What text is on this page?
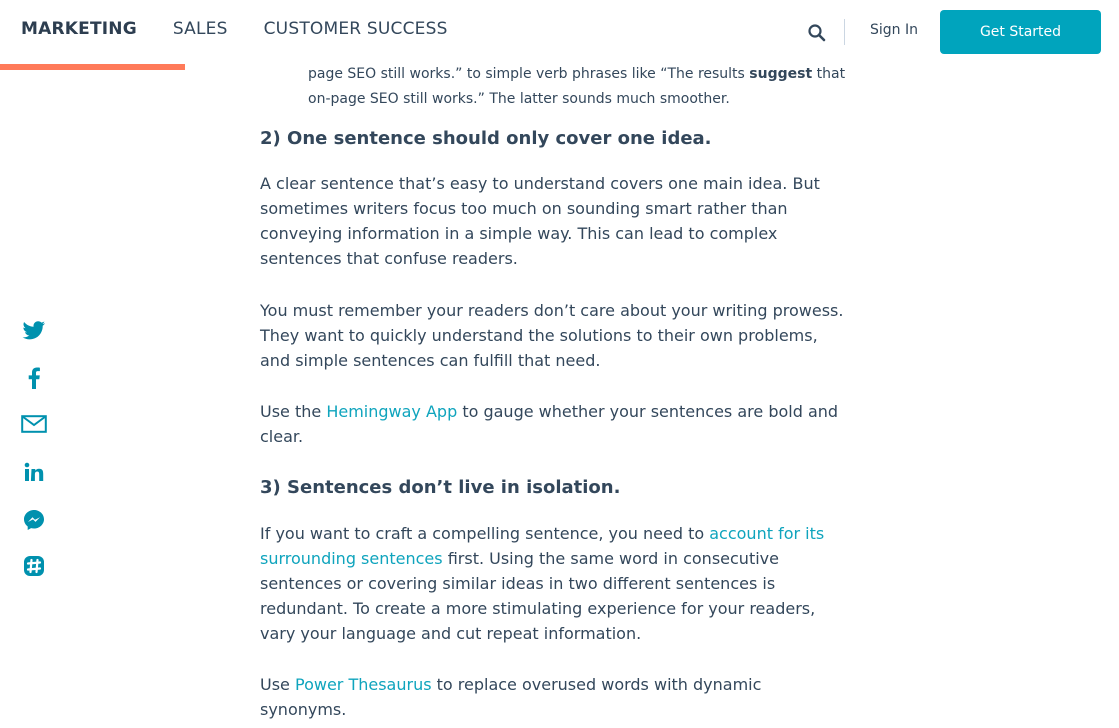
MARKETING SALES CUSTOMER SUCCESS	Sign In	Get Started
page SEO still works.” to simple verb phrases like “The results suggest that
on-page SEO still works.” The latter sounds much smoother.
2) One sentence should only cover one idea.
A clear sentence that’s easy to understand covers one main idea. But
sometimes writers focus too much on sounding smart rather than
conveying information in a simple way. This can lead to complex
sentences that confuse readers.
You must remember your readers don’t care about your writing prowess.
They want to quickly understand the solutions to their own problems,
and simple sentences can fulfill that need.
Use the Hemingway App to gauge whether your sentences are bold and
clear.
3) Sentences don’t live in isolation.
If you want to craft a compelling sentence, you need to account for its
surrounding sentences first. Using the same word in consecutive
sentences or covering similar ideas in two different sentences is
redundant. To create a more stimulating experience for your readers,
vary your language and cut repeat information.
Use Power Thesaurus to replace overused words with dynamic
synonyms.
